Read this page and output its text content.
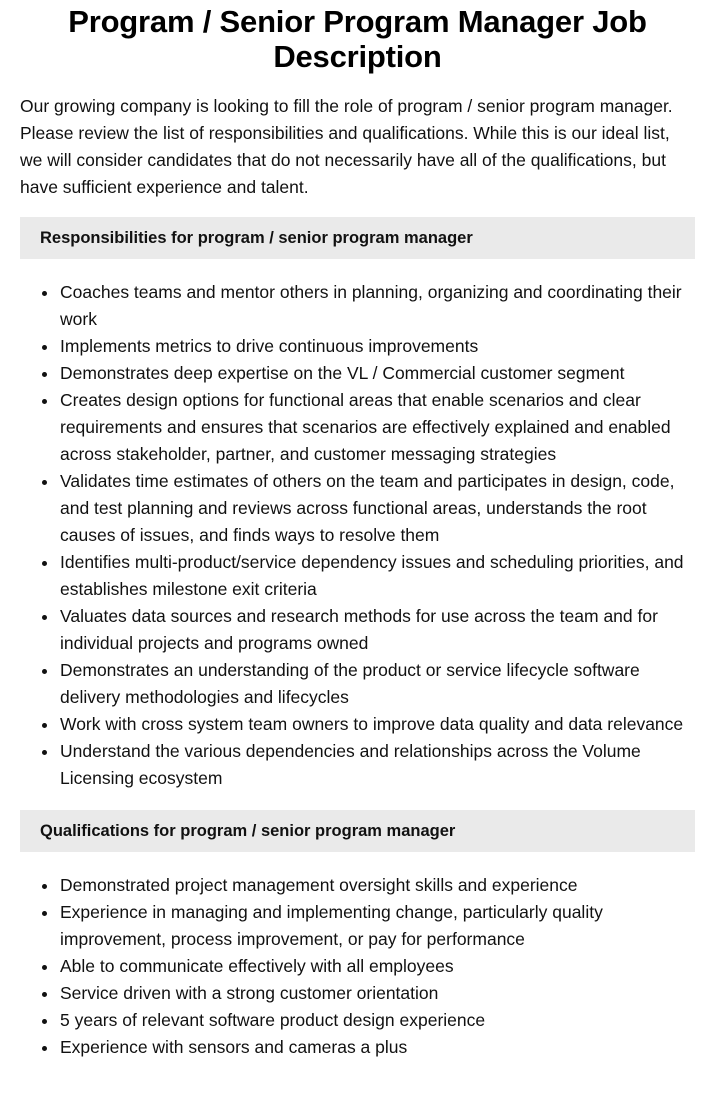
Program / Senior Program Manager Job Description

Our growing company is looking to fill the role of program / senior program manager. Please review the list of responsibilities and qualifications. While this is our ideal list, we will consider candidates that do not necessarily have all of the qualifications, but have sufficient experience and talent.

Responsibilities for program / senior program manager
Coaches teams and mentor others in planning, organizing and coordinating their work
Implements metrics to drive continuous improvements
Demonstrates deep expertise on the VL / Commercial customer segment
Creates design options for functional areas that enable scenarios and clear requirements and ensures that scenarios are effectively explained and enabled across stakeholder, partner, and customer messaging strategies
Validates time estimates of others on the team and participates in design, code, and test planning and reviews across functional areas, understands the root causes of issues, and finds ways to resolve them
Identifies multi-product/service dependency issues and scheduling priorities, and establishes milestone exit criteria
Valuates data sources and research methods for use across the team and for individual projects and programs owned
Demonstrates an understanding of the product or service lifecycle software delivery methodologies and lifecycles
Work with cross system team owners to improve data quality and data relevance
Understand the various dependencies and relationships across the Volume Licensing ecosystem
Qualifications for program / senior program manager
Demonstrated project management oversight skills and experience
Experience in managing and implementing change, particularly quality improvement, process improvement, or pay for performance
Able to communicate effectively with all employees
Service driven with a strong customer orientation
5 years of relevant software product design experience
Experience with sensors and cameras a plus
